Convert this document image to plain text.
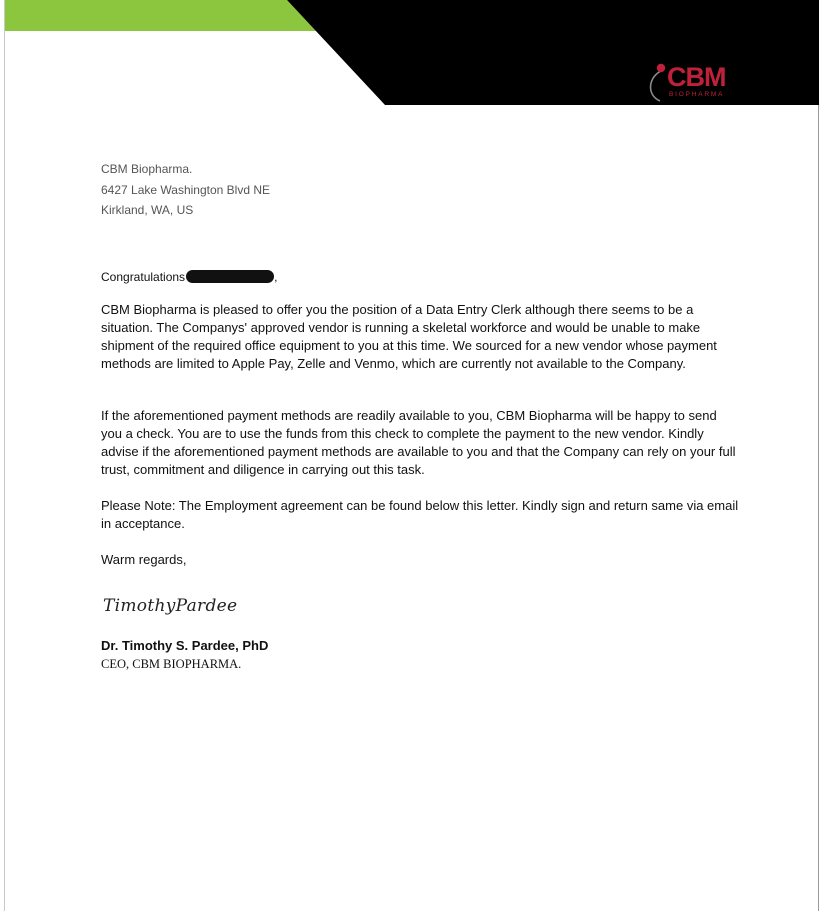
CBM
BIOPHARMA
CBM Biopharma.
6427 Lake Washington Blvd NE
Kirkland, WA, US
Congratulations	,
CBM Biopharma is pleased to offer you the position of a Data Entry Clerk although there seems to be a situation. The Companys' approved vendor is running a skeletal workforce and would be unable to make shipment of the required office equipment to you at this time. We sourced for a new vendor whose payment methods are limited to Apple Pay, Zelle and Venmo, which are currently not available to the Company.
If the aforementioned payment methods are readily available to you, CBM Biopharma will be happy to send you a check. You are to use the funds from this check to complete the payment to the new vendor. Kindly advise if the aforementioned payment methods are available to you and that the Company can rely on your full trust, commitment and diligence in carrying out this task.
Please Note: The Employment agreement can be found below this letter. Kindly sign and return same via email in acceptance.
Warm regards,
TimothyPardee
Dr. Timothy S. Pardee, PhD
CEO, CBM BIOPHARMA.
